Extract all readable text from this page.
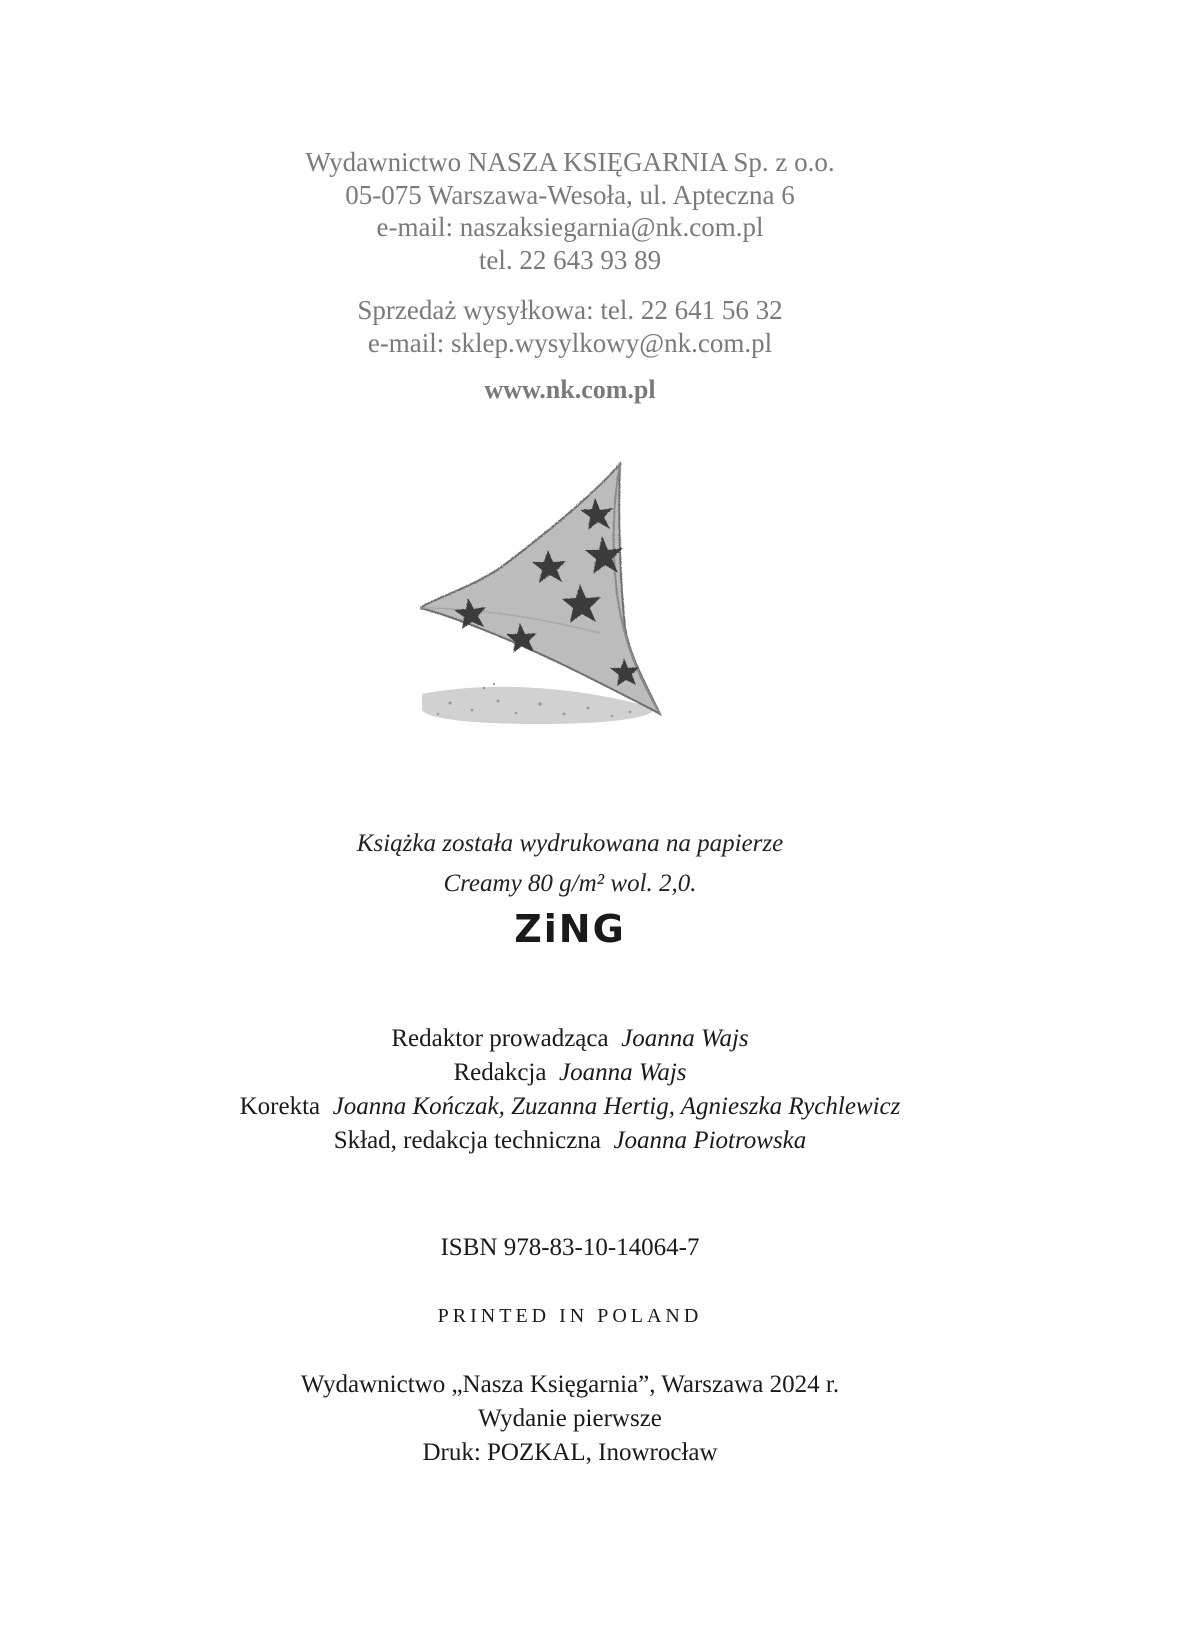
Wydawnictwo NASZA KSIĘGARNIA Sp. z o.o.
05-075 Warszawa-Wesoła, ul. Apteczna 6
e-mail: naszaksiegarnia@nk.com.pl
tel. 22 643 93 89
Sprzedaż wysyłkowa: tel. 22 641 56 32
e-mail: sklep.wysylkowy@nk.com.pl
www.nk.com.pl
Książka została wydrukowana na papierze
Creamy 80 g/m² wol. 2,0.
ZiNG
Redaktor prowadząca Joanna Wajs
Redakcja Joanna Wajs
Korekta Joanna Kończak, Zuzanna Hertig, Agnieszka Rychlewicz
Skład, redakcja techniczna Joanna Piotrowska
ISBN 978-83-10-14064-7
PRINTED IN POLAND
Wydawnictwo „Nasza Księgarnia”, Warszawa 2024 r.
Wydanie pierwsze
Druk: POZKAL, Inowrocław
